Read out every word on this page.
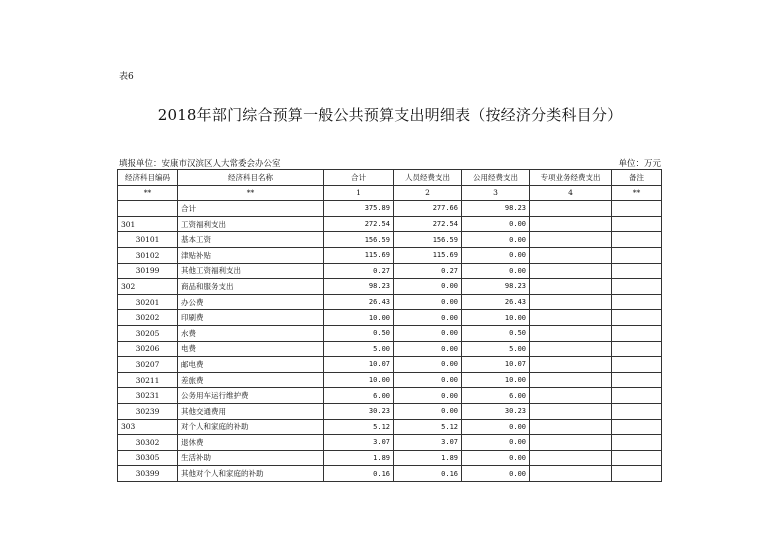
表6
2018年部门综合预算一般公共预算支出明细表（按经济分类科目分）
填报单位：安康市汉滨区人大常委会办公室	单位：万元
经济科目编码	经济科目名称	合计	人员经费支出	公用经费支出	专项业务经费支出	备注
**	**	1	2	3	4	**
	合计	375.89	277.66	98.23		
301	工资福利支出	272.54	272.54	0.00		
30101	基本工资	156.59	156.59	0.00		
30102	津贴补贴	115.69	115.69	0.00		
30199	其他工资福利支出	0.27	0.27	0.00		
302	商品和服务支出	98.23	0.00	98.23		
30201	办公费	26.43	0.00	26.43		
30202	印刷费	10.00	0.00	10.00		
30205	水费	0.50	0.00	0.50		
30206	电费	5.00	0.00	5.00		
30207	邮电费	10.07	0.00	10.07		
30211	差旅费	10.00	0.00	10.00		
30231	公务用车运行维护费	6.00	0.00	6.00		
30239	其他交通费用	30.23	0.00	30.23		
303	对个人和家庭的补助	5.12	5.12	0.00		
30302	退休费	3.07	3.07	0.00		
30305	生活补助	1.89	1.89	0.00		
30399	其他对个人和家庭的补助	0.16	0.16	0.00		
